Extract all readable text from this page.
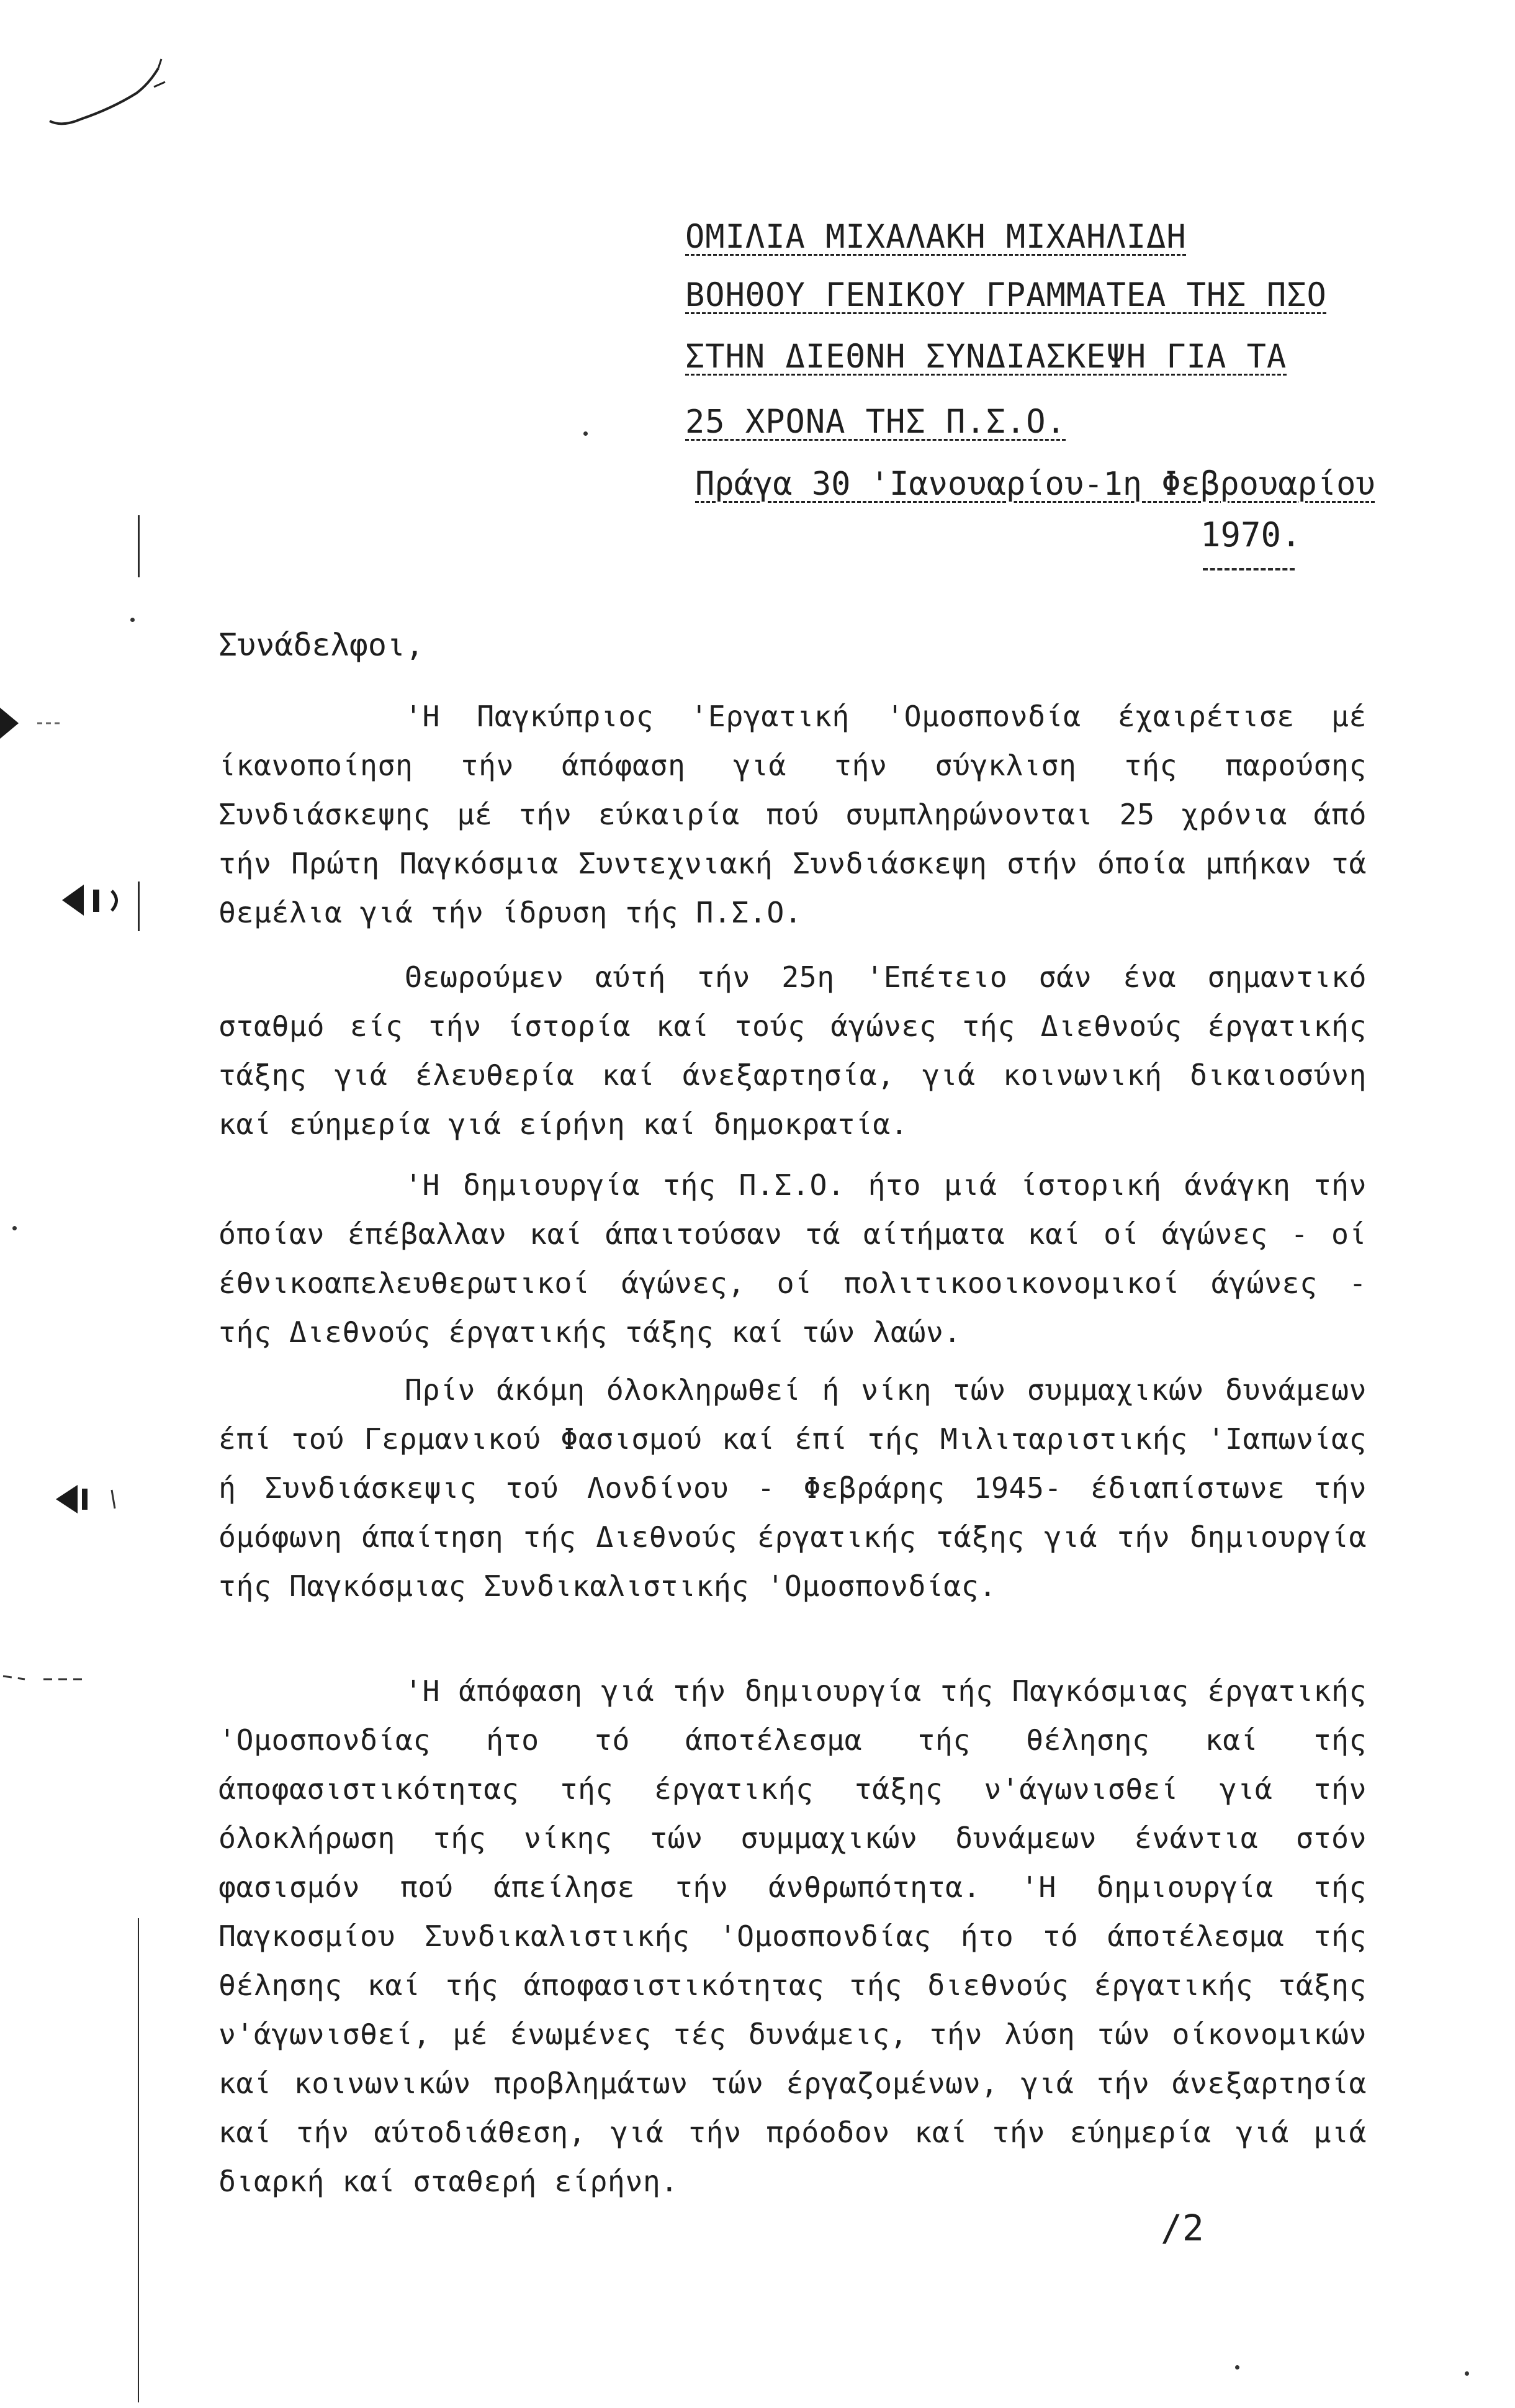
ΟΜΙΛΙΑ ΜΙΧΑΛΑΚΗ ΜΙΧΑΗΛΙΔΗ
ΒΟΗΘΟΥ ΓΕΝΙΚΟΥ ΓΡΑΜΜΑΤΕΑ ΤΗΣ ΠΣΟ
ΣΤΗΝ ΔΙΕΘΝΗ ΣΥΝΔΙΑΣΚΕΨΗ ΓΙΑ ΤΑ
25 ΧΡΟΝΑ ΤΗΣ Π.Σ.Ο.
Πράγα 30 'Ιανουαρίου-1η Φεβρουαρίου
1970.
Συνάδελφοι,

'Η Παγκύπριος 'Εργατική 'Ομοσπονδία έχαιρέτισε μέ ίκανοποίηση τήν άπόφαση γιά τήν σύγκλιση τής παρούσης Συνδιάσκεψης μέ τήν εύκαιρία πού συμπληρώνονται 25 χρόνια άπό τήν Πρώτη Παγκόσμια Συντεχνιακή Συνδιάσκεψη στήν όποία μπήκαν τά θεμέλια γιά τήν ίδρυση τής Π.Σ.Ο.

Θεωρούμεν αύτή τήν 25η 'Επέτειο σάν ένα σημαντικό σταθμό είς τήν ίστορία καί τούς άγώνες τής Διεθνούς έργατικής τάξης γιά έλευθερία καί άνεξαρτησία, γιά κοινωνική δικαιοσύνη καί εύημερία γιά είρήνη καί δημοκρατία.

'Η δημιουργία τής Π.Σ.Ο. ήτο μιά ίστορική άνάγκη τήν όποίαν έπέβαλλαν καί άπαιτούσαν τά αίτήματα καί οί άγώνες - οί έθνικοαπελευθερωτικοί άγώνες, οί πολιτικοοικονομικοί άγώνες - τής Διεθνούς έργατικής τάξης καί τών λαών.

Πρίν άκόμη όλοκληρωθεί ή νίκη τών συμμαχικών δυνάμεων έπί τού Γερμανικού Φασισμού καί έπί τής Μιλιταριστικής 'Ιαπωνίας ή Συνδιάσκεψις τού Λονδίνου - Φεβράρης 1945- έδιαπίστωνε τήν όμόφωνη άπαίτηση τής Διεθνούς έργατικής τάξης γιά τήν δημιουργία τής Παγκόσμιας Συνδικαλιστικής 'Ομοσπονδίας.

'Η άπόφαση γιά τήν δημιουργία τής Παγκόσμιας έργατικής 'Ομοσπονδίας ήτο τό άποτέλεσμα τής θέλησης καί τής άποφασιστικότητας τής έργατικής τάξης ν'άγωνισθεί γιά τήν όλοκλήρωση τής νίκης τών συμμαχικών δυνάμεων ένάντια στόν φασισμόν πού άπείλησε τήν άνθρωπότητα. 'Η δημιουργία τής Παγκοσμίου Συνδικαλιστικής 'Ομοσπονδίας ήτο τό άποτέλεσμα τής θέλησης καί τής άποφασιστικότητας τής διεθνούς έργατικής τάξης ν'άγωνισθεί, μέ ένωμένες τές δυνάμεις, τήν λύση τών οίκονομικών καί κοινωνικών προβλημάτων τών έργαζομένων, γιά τήν άνεξαρτησία καί τήν αύτοδιάθεση, γιά τήν πρόοδον καί τήν εύημερία γιά μιά διαρκή καί σταθερή είρήνη.

/2
